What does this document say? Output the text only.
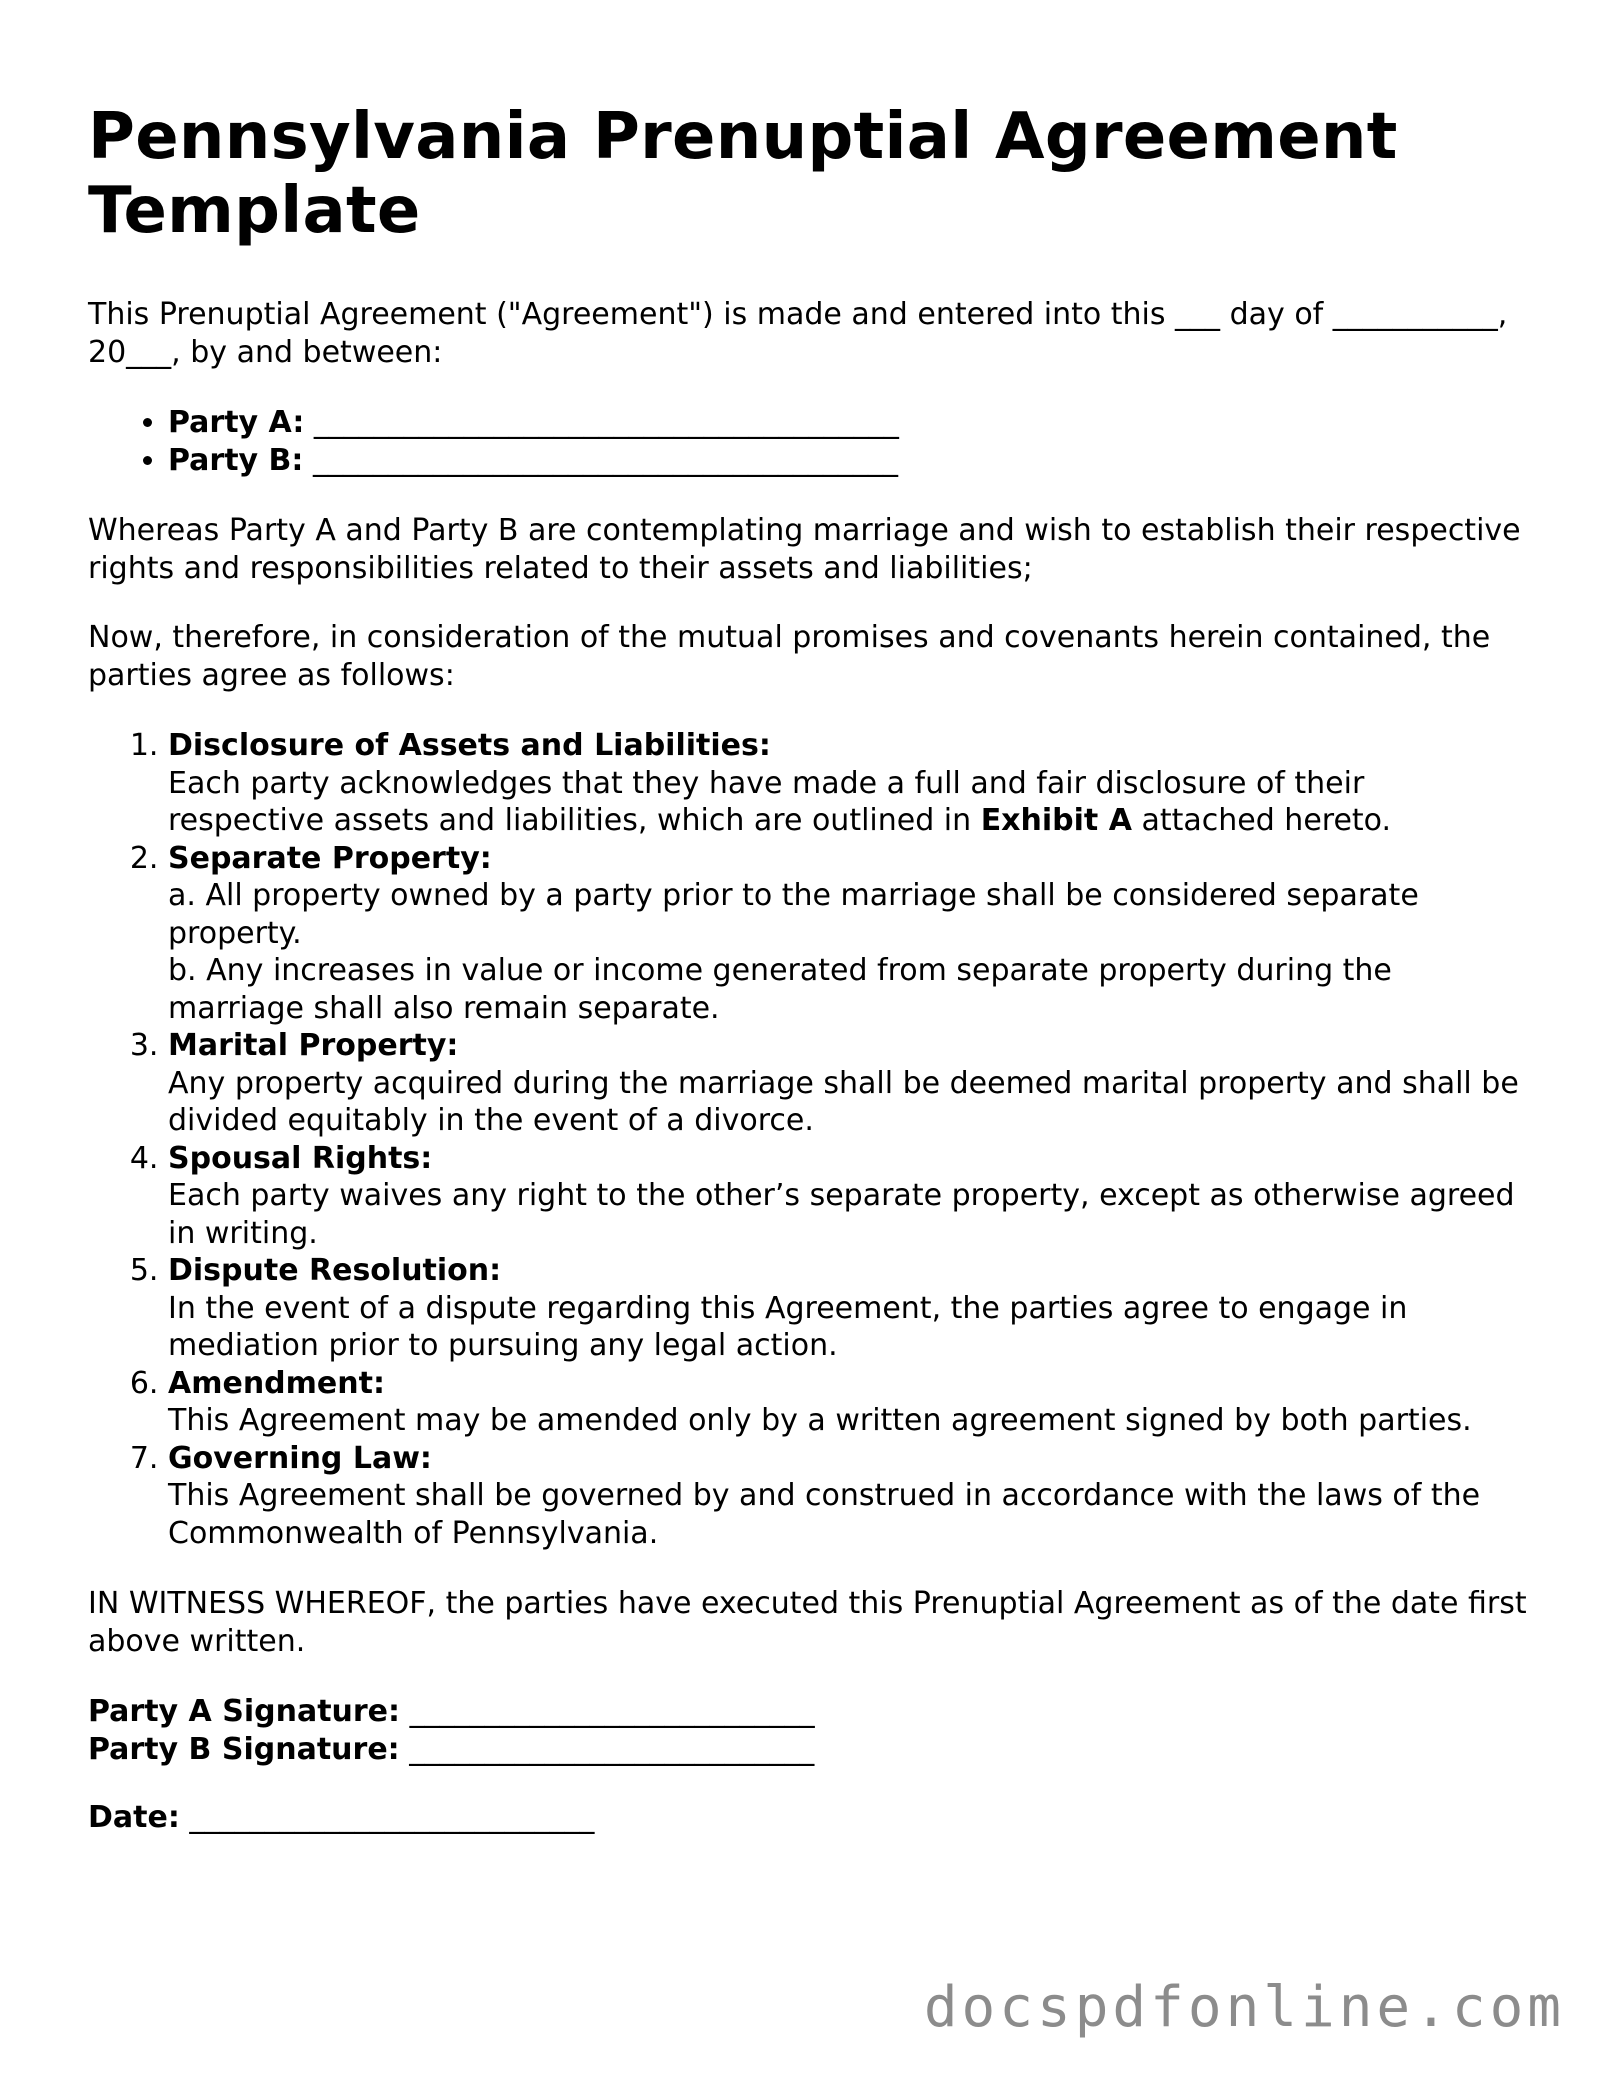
Pennsylvania Prenuptial Agreement Template

This Prenuptial Agreement ("Agreement") is made and entered into this ___ day of ___________, 20___, by and between:

• Party A: _______________________________________
• Party B: _______________________________________

Whereas Party A and Party B are contemplating marriage and wish to establish their respective rights and responsibilities related to their assets and liabilities;

Now, therefore, in consideration of the mutual promises and covenants herein contained, the parties agree as follows:

1. Disclosure of Assets and Liabilities:
Each party acknowledges that they have made a full and fair disclosure of their respective assets and liabilities, which are outlined in Exhibit A attached hereto.
2. Separate Property:
a. All property owned by a party prior to the marriage shall be considered separate property.
b. Any increases in value or income generated from separate property during the marriage shall also remain separate.
3. Marital Property:
Any property acquired during the marriage shall be deemed marital property and shall be divided equitably in the event of a divorce.
4. Spousal Rights:
Each party waives any right to the other’s separate property, except as otherwise agreed in writing.
5. Dispute Resolution:
In the event of a dispute regarding this Agreement, the parties agree to engage in mediation prior to pursuing any legal action.
6. Amendment:
This Agreement may be amended only by a written agreement signed by both parties.
7. Governing Law:
This Agreement shall be governed by and construed in accordance with the laws of the Commonwealth of Pennsylvania.

IN WITNESS WHEREOF, the parties have executed this Prenuptial Agreement as of the date first above written.

Party A Signature: ___________________________
Party B Signature: ___________________________
Date: ___________________________
docspdfonline.com
